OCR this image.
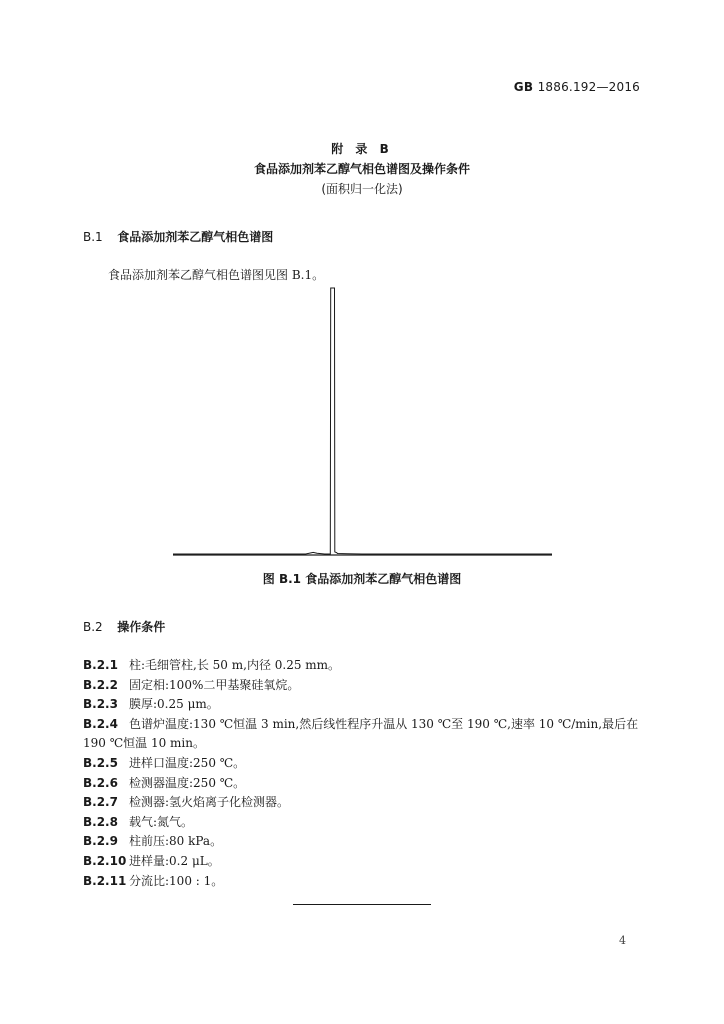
GB 1886.192—2016
附 录 B
食品添加剂苯乙醇气相色谱图及操作条件
(面积归一化法)
B.1 食品添加剂苯乙醇气相色谱图
食品添加剂苯乙醇气相色谱图见图 B.1。
图 B.1 食品添加剂苯乙醇气相色谱图
B.2 操作条件
B.2.1 柱:毛细管柱,长 50 m,内径 0.25 mm。
B.2.2 固定相:100%二甲基聚硅氧烷。
B.2.3 膜厚:0.25 μm。
B.2.4 色谱炉温度:130 ℃恒温 3 min,然后线性程序升温从 130 ℃至 190 ℃,速率 10 ℃/min,最后在
190 ℃恒温 10 min。
B.2.5 进样口温度:250 ℃。
B.2.6 检测器温度:250 ℃。
B.2.7 检测器:氢火焰离子化检测器。
B.2.8 载气:氮气。
B.2.9 柱前压:80 kPa。
B.2.10 进样量:0.2 μL。
B.2.11 分流比:100 : 1。
4
